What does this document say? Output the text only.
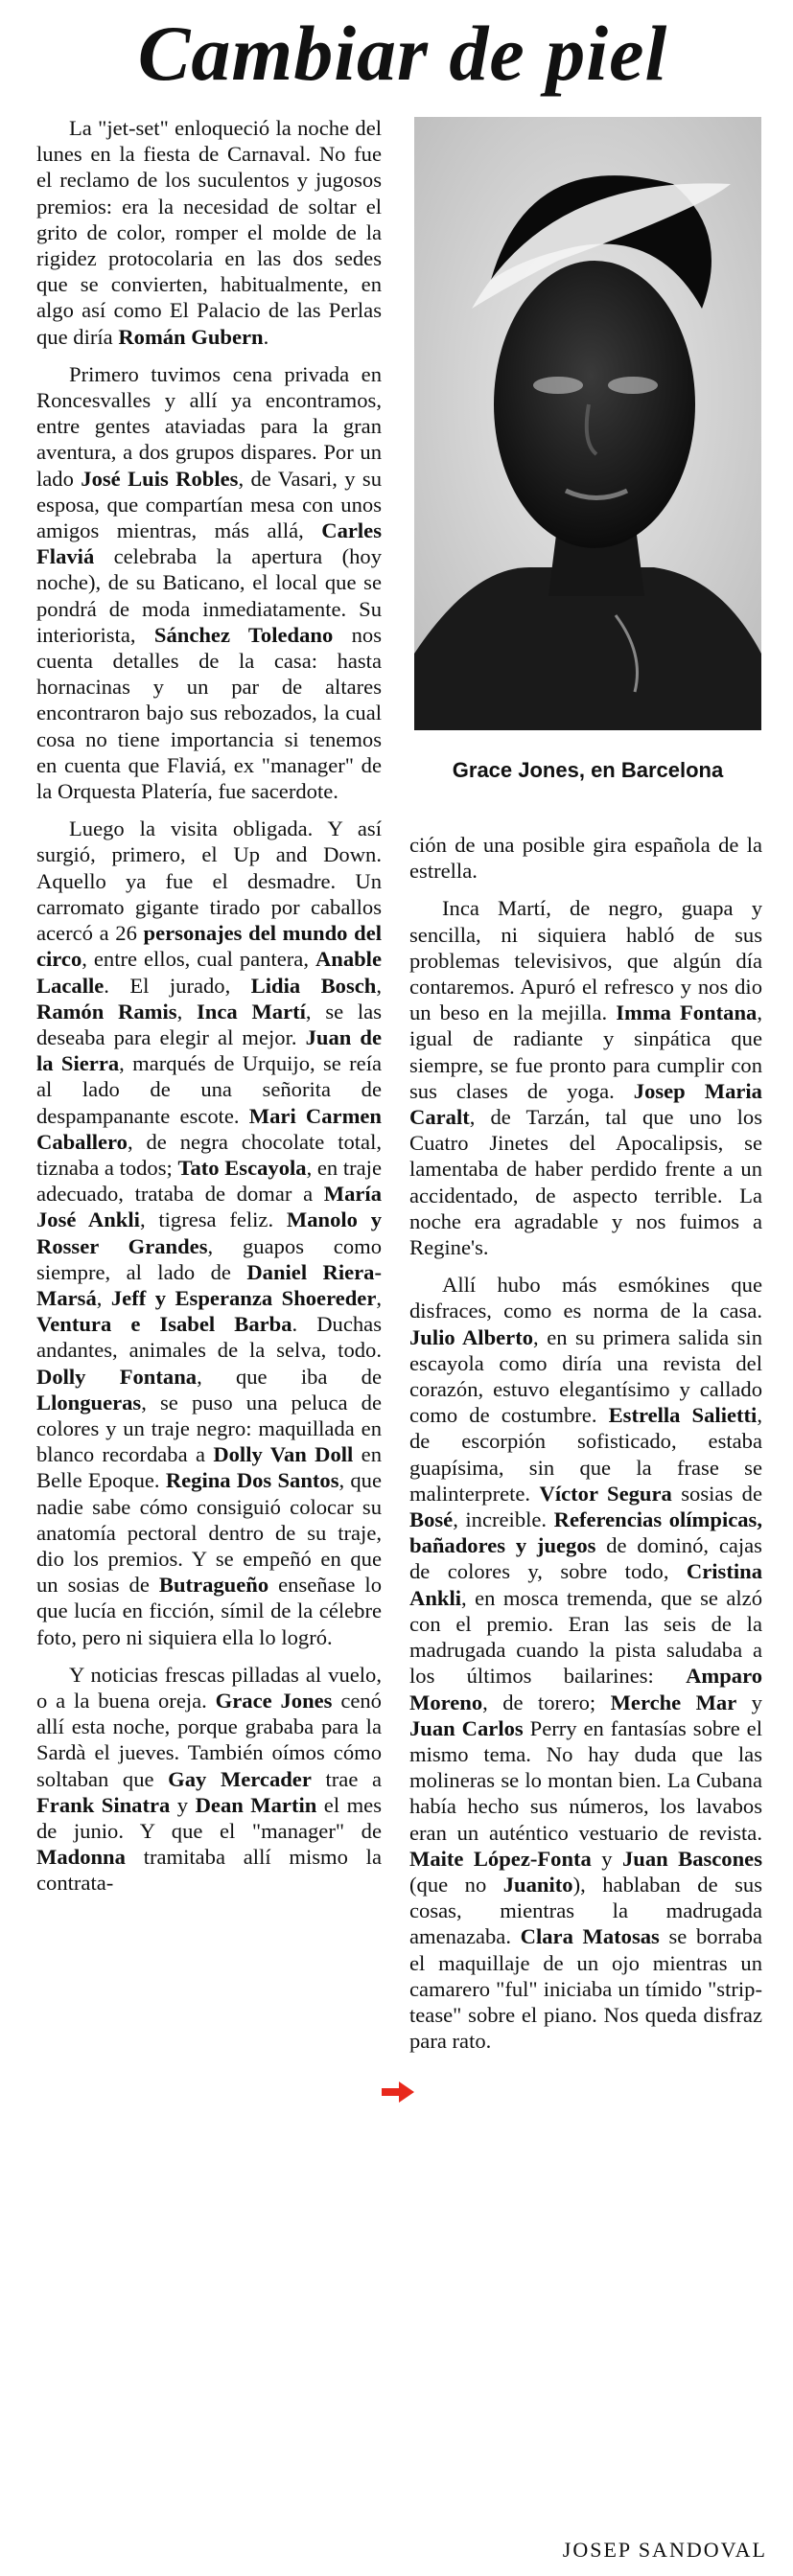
Cambiar de piel

La "jet-set" enloqueció la noche del lunes en la fiesta de Carnaval. No fue el reclamo de los suculentos y jugosos premios: era la necesidad de soltar el grito de color, romper el molde de la rigidez protocolaria en las dos sedes que se convierten, habitualmente, en algo así como El Palacio de las Perlas que diría Román Gubern.

Primero tuvimos cena privada en Roncesvalles y allí ya encontramos, entre gentes ataviadas para la gran aventura, a dos grupos dispares. Por un lado José Luis Robles, de Vasari, y su esposa, que compartían mesa con unos amigos mientras, más allá, Carles Flaviá celebraba la apertura (hoy noche), de su Baticano, el local que se pondrá de moda inmediatamente. Su interiorista, Sánchez Toledano nos cuenta detalles de la casa: hasta hornacinas y un par de altares encontraron bajo sus rebozados, la cual cosa no tiene importancia si tenemos en cuenta que Flaviá, ex "manager" de la Orquesta Platería, fue sacerdote.

Luego la visita obligada. Y así surgió, primero, el Up and Down. Aquello ya fue el desmadre. Un carromato gigante tirado por caballos acercó a 26 personajes del mundo del circo, entre ellos, cual pantera, Anable Lacalle. El jurado, Lidia Bosch, Ramón Ramis, Inca Martí, se las deseaba para elegir al mejor. Juan de la Sierra, marqués de Urquijo, se reía al lado de una señorita de despampanante escote. Mari Carmen Caballero, de negra chocolate total, tiznaba a todos; Tato Escayola, en traje adecuado, trataba de domar a María José Ankli, tigresa feliz. Manolo y Rosser Grandes, guapos como siempre, al lado de Daniel Riera-Marsá, Jeff y Esperanza Shoereder, Ventura e Isabel Barba. Duchas andantes, animales de la selva, todo. Dolly Fontana, que iba de Llongueras, se puso una peluca de colores y un traje negro: maquillada en blanco recordaba a Dolly Van Doll en Belle Epoque. Regina Dos Santos, que nadie sabe cómo consiguió colocar su anatomía pectoral dentro de su traje, dio los premios. Y se empeñó en que un sosias de Butragueño enseñase lo que lucía en ficción, símil de la célebre foto, pero ni siquiera ella lo logró.

Y noticias frescas pilladas al vuelo, o a la buena oreja. Grace Jones cenó allí esta noche, porque grababa para la Sardà el jueves. También oímos cómo soltaban que Gay Mercader trae a Frank Sinatra y Dean Martin el mes de junio. Y que el "manager" de Madonna tramitaba allí mismo la contrata-

Grace Jones, en Barcelona

ción de una posible gira española de la estrella.

Inca Martí, de negro, guapa y sencilla, ni siquiera habló de sus problemas televisivos, que algún día contaremos. Apuró el refresco y nos dio un beso en la mejilla. Imma Fontana, igual de radiante y sinpática que siempre, se fue pronto para cumplir con sus clases de yoga. Josep Maria Caralt, de Tarzán, tal que uno los Cuatro Jinetes del Apocalipsis, se lamentaba de haber perdido frente a un accidentado, de aspecto terrible. La noche era agradable y nos fuimos a Regine's.

Allí hubo más esmókines que disfraces, como es norma de la casa. Julio Alberto, en su primera salida sin escayola como diría una revista del corazón, estuvo elegantísimo y callado como de costumbre. Estrella Salietti, de escorpión sofisticado, estaba guapísima, sin que la frase se malinterprete. Víctor Segura sosias de Bosé, increible. Referencias olímpicas, bañadores y juegos de dominó, cajas de colores y, sobre todo, Cristina Ankli, en mosca tremenda, que se alzó con el premio. Eran las seis de la madrugada cuando la pista saludaba a los últimos bailarines: Amparo Moreno, de torero; Merche Mar y Juan Carlos Perry en fantasías sobre el mismo tema. No hay duda que las molineras se lo montan bien. La Cubana había hecho sus números, los lavabos eran un auténtico vestuario de revista. Maite López-Fonta y Juan Bascones (que no Juanito), hablaban de sus cosas, mientras la madrugada amenazaba. Clara Matosas se borraba el maquillaje de un ojo mientras un camarero "ful" iniciaba un tímido "strip-tease" sobre el piano. Nos queda disfraz para rato.

JOSEP SANDOVAL
